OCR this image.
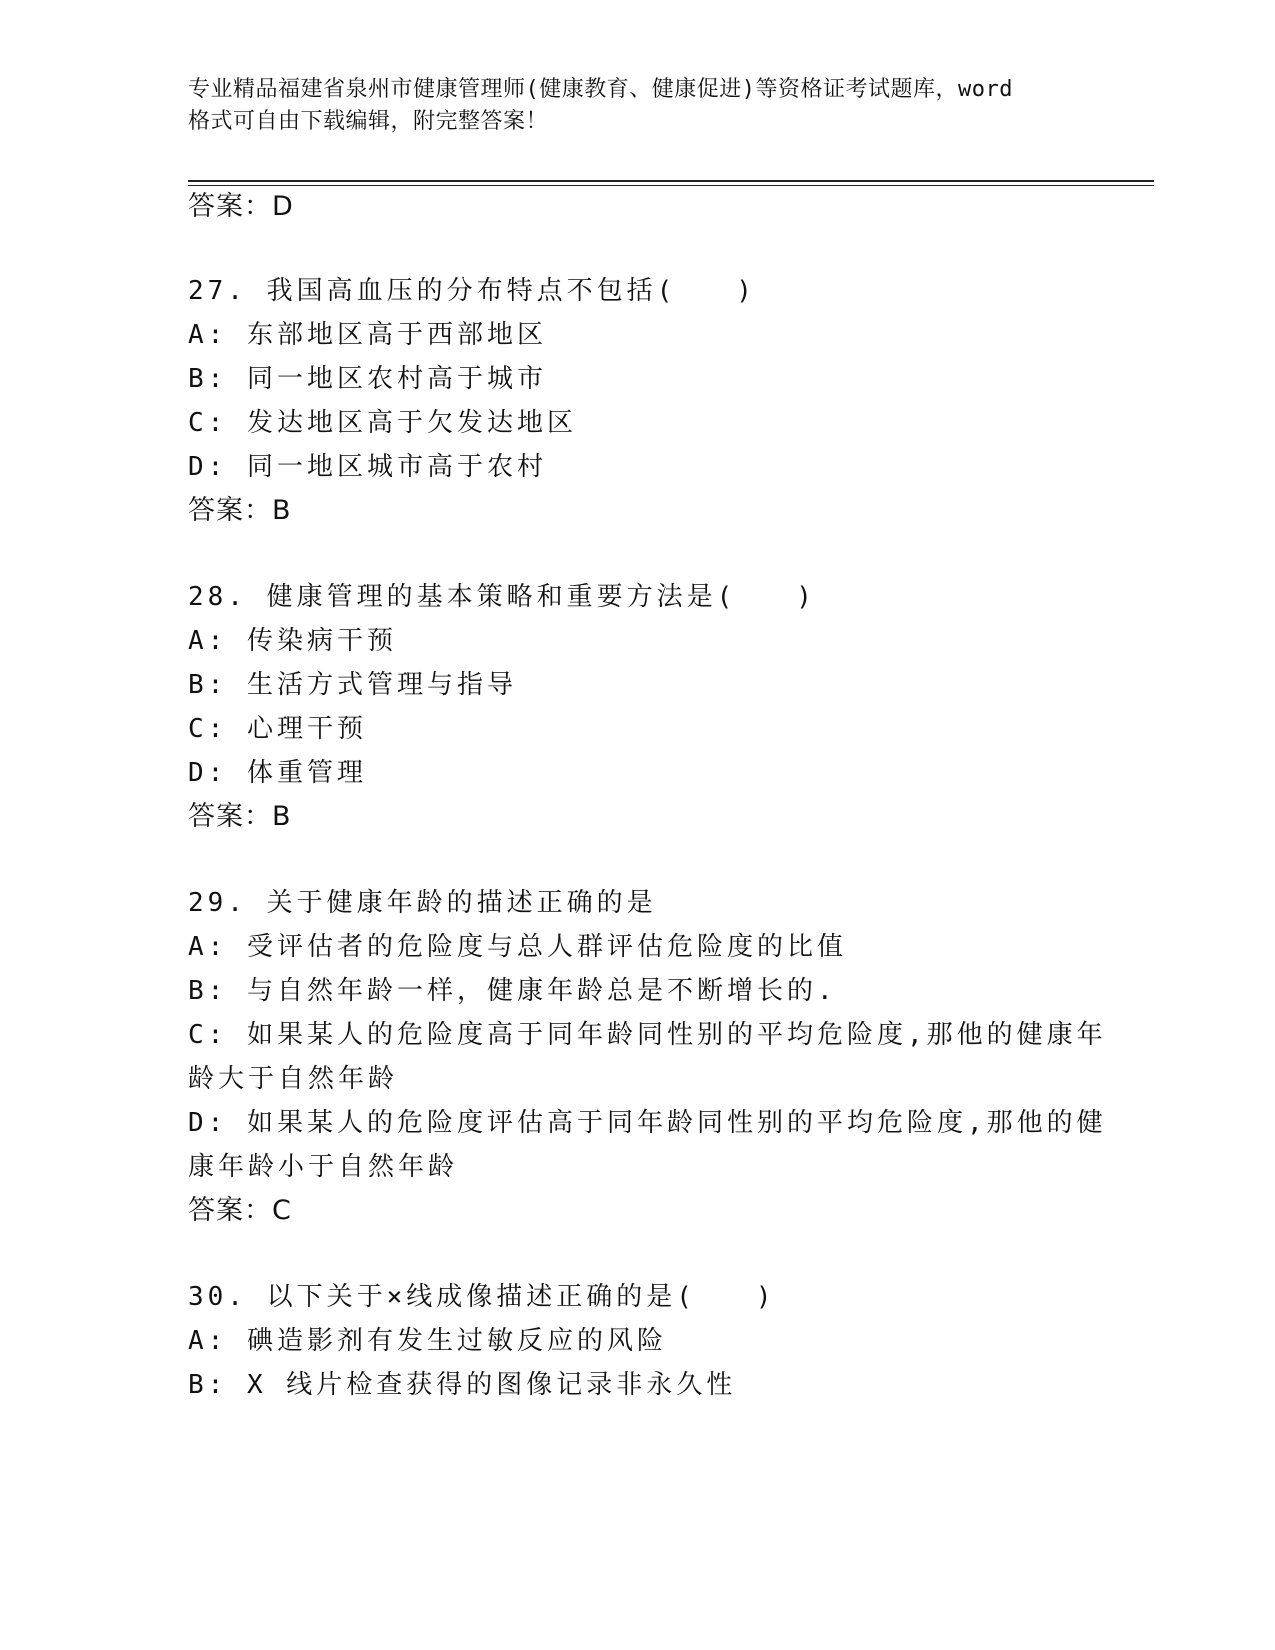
专业精品福建省泉州市健康管理师(健康教育、健康促进)等资格证考试题库，word
格式可自由下载编辑，附完整答案！
答案：D
27. 我国高血压的分布特点不包括(　　)
A: 东部地区高于西部地区
B: 同一地区农村高于城市
C: 发达地区高于欠发达地区
D: 同一地区城市高于农村
答案：B
28. 健康管理的基本策略和重要方法是(　　)
A: 传染病干预
B: 生活方式管理与指导
C: 心理干预
D: 体重管理
答案：B
29. 关于健康年龄的描述正确的是
A: 受评估者的危险度与总人群评估危险度的比值
B: 与自然年龄一样，健康年龄总是不断增长的.
C: 如果某人的危险度高于同年龄同性别的平均危险度,那他的健康年
龄大于自然年龄
D: 如果某人的危险度评估高于同年龄同性别的平均危险度,那他的健
康年龄小于自然年龄
答案：C
30. 以下关于×线成像描述正确的是(　　)
A: 碘造影剂有发生过敏反应的风险
B: X 线片检查获得的图像记录非永久性
